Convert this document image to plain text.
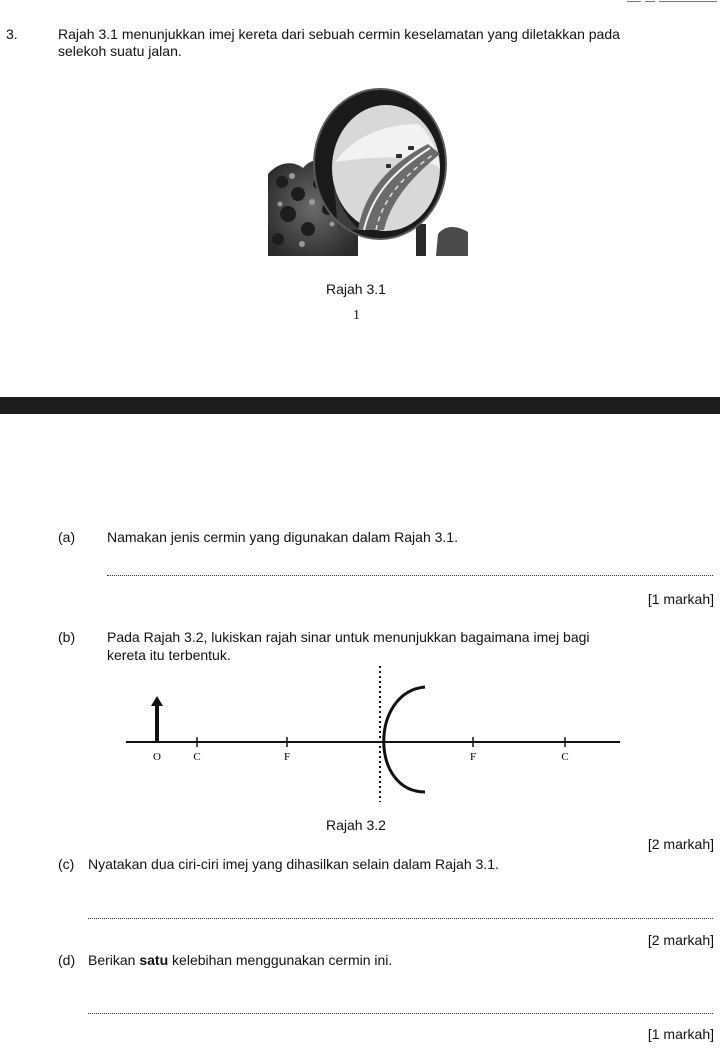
3.	Rajah 3.1 menunjukkan imej kereta dari sebuah cermin keselamatan yang diletakkan pada
selekoh suatu jalan.
Rajah 3.1
1
(a) Namakan jenis cermin yang digunakan dalam Rajah 3.1.
[1 markah]
(b) Pada Rajah 3.2, lukiskan rajah sinar untuk menunjukkan bagaimana imej bagi
kereta itu terbentuk.
O	C	F	F	C
Rajah 3.2
[2 markah]
(c) Nyatakan dua ciri-ciri imej yang dihasilkan selain dalam Rajah 3.1.
[2 markah]
(d) Berikan satu kelebihan menggunakan cermin ini.
[1 markah]
